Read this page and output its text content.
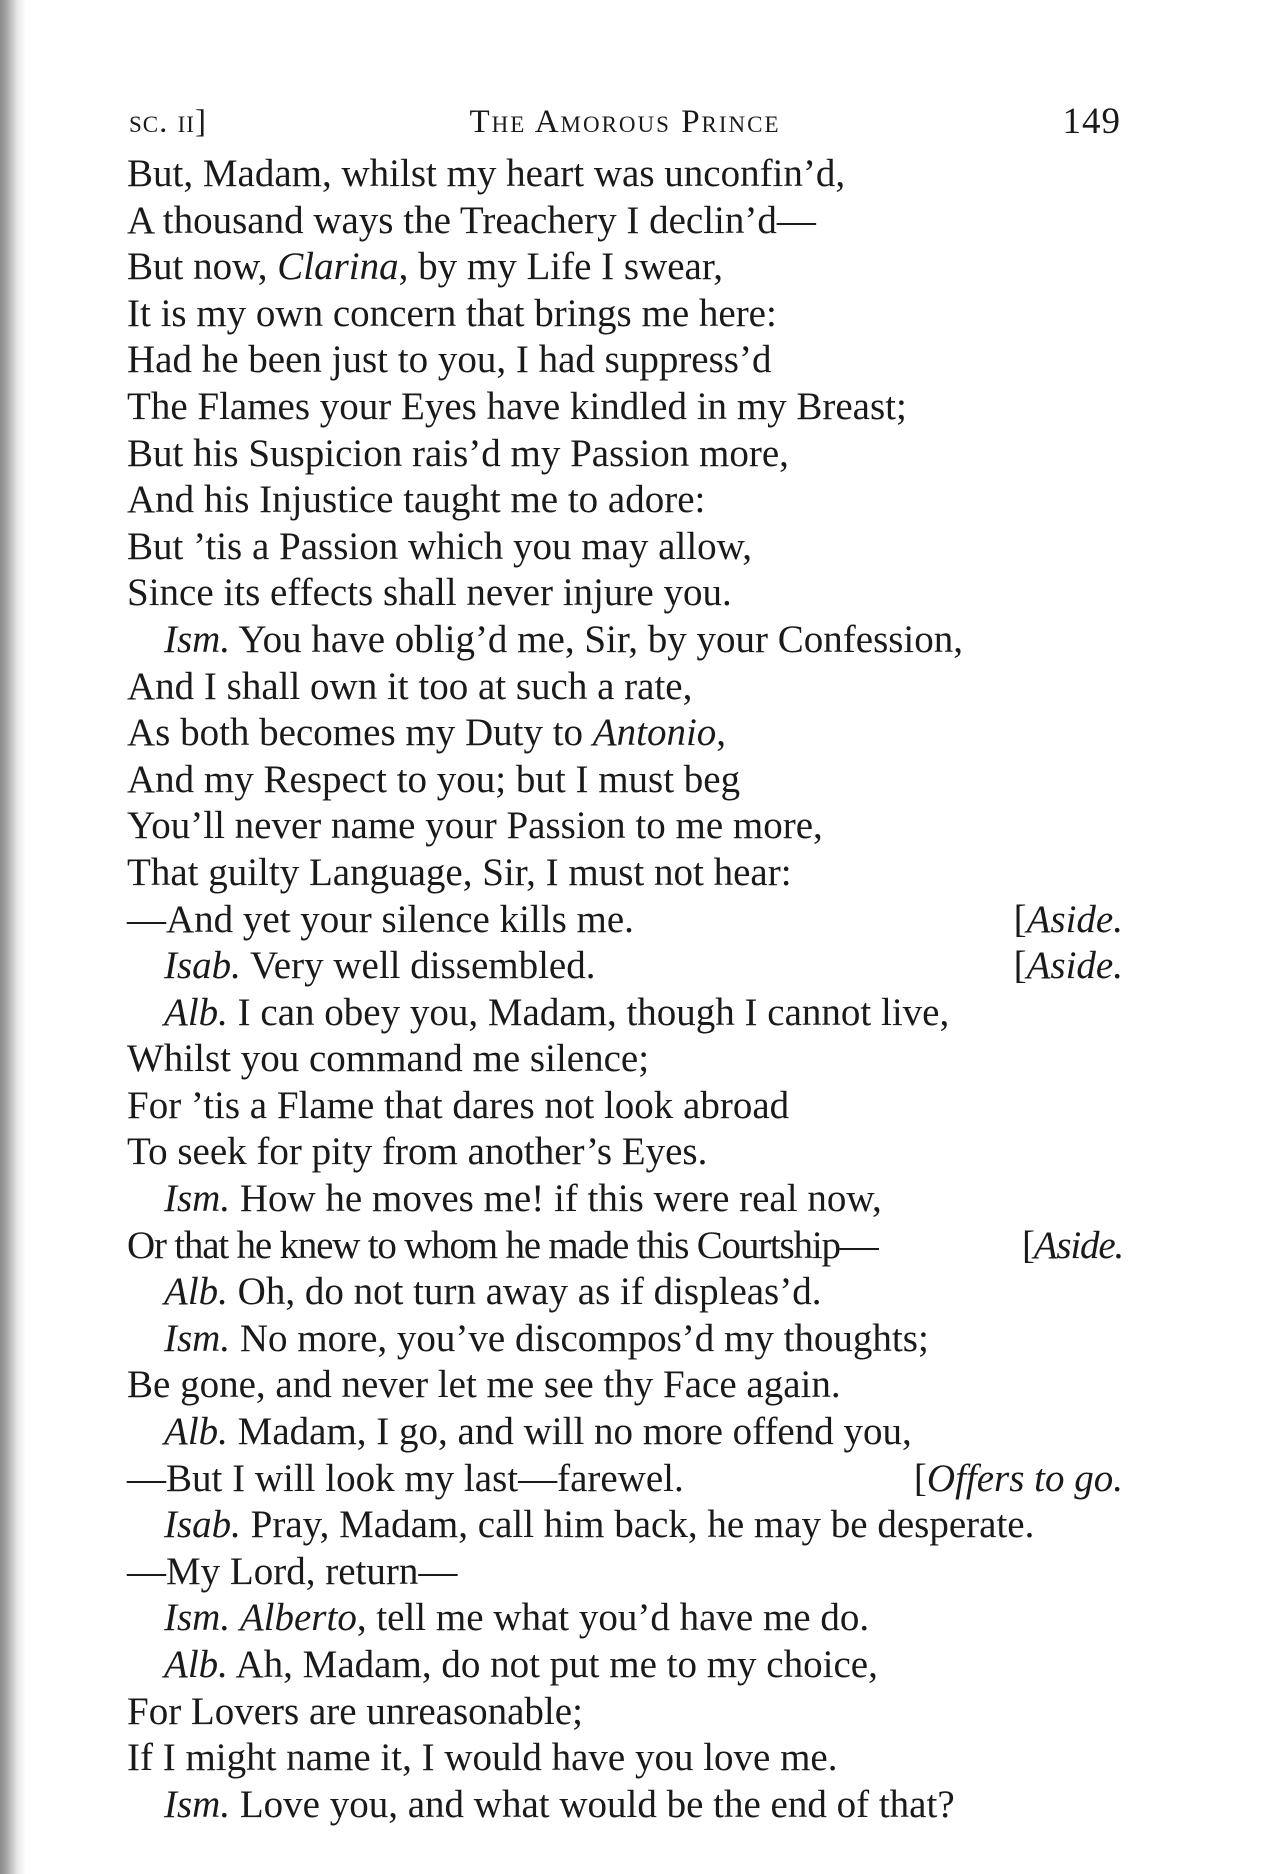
sc. ii]	The Amorous Prince	149
But, Madam, whilst my heart was unconfin’d,
A thousand ways the Treachery I declin’d—
But now, Clarina, by my Life I swear,
It is my own concern that brings me here:
Had he been just to you, I had suppress’d
The Flames your Eyes have kindled in my Breast;
But his Suspicion rais’d my Passion more,
And his Injustice taught me to adore:
But ’tis a Passion which you may allow,
Since its effects shall never injure you.
Ism. You have oblig’d me, Sir, by your Confession,
And I shall own it too at such a rate,
As both becomes my Duty to Antonio,
And my Respect to you; but I must beg
You’ll never name your Passion to me more,
That guilty Language, Sir, I must not hear:
—And yet your silence kills me.	[Aside.
Isab. Very well dissembled.	[Aside.
Alb. I can obey you, Madam, though I cannot live,
Whilst you command me silence;
For ’tis a Flame that dares not look abroad
To seek for pity from another’s Eyes.
Ism. How he moves me! if this were real now,
Or that he knew to whom he made this Courtship—	[Aside.
Alb. Oh, do not turn away as if displeas’d.
Ism. No more, you’ve discompos’d my thoughts;
Be gone, and never let me see thy Face again.
Alb. Madam, I go, and will no more offend you,
—But I will look my last—farewel.	[Offers to go.
Isab. Pray, Madam, call him back, he may be desperate.
—My Lord, return—
Ism. Alberto, tell me what you’d have me do.
Alb. Ah, Madam, do not put me to my choice,
For Lovers are unreasonable;
If I might name it, I would have you love me.
Ism. Love you, and what would be the end of that?
